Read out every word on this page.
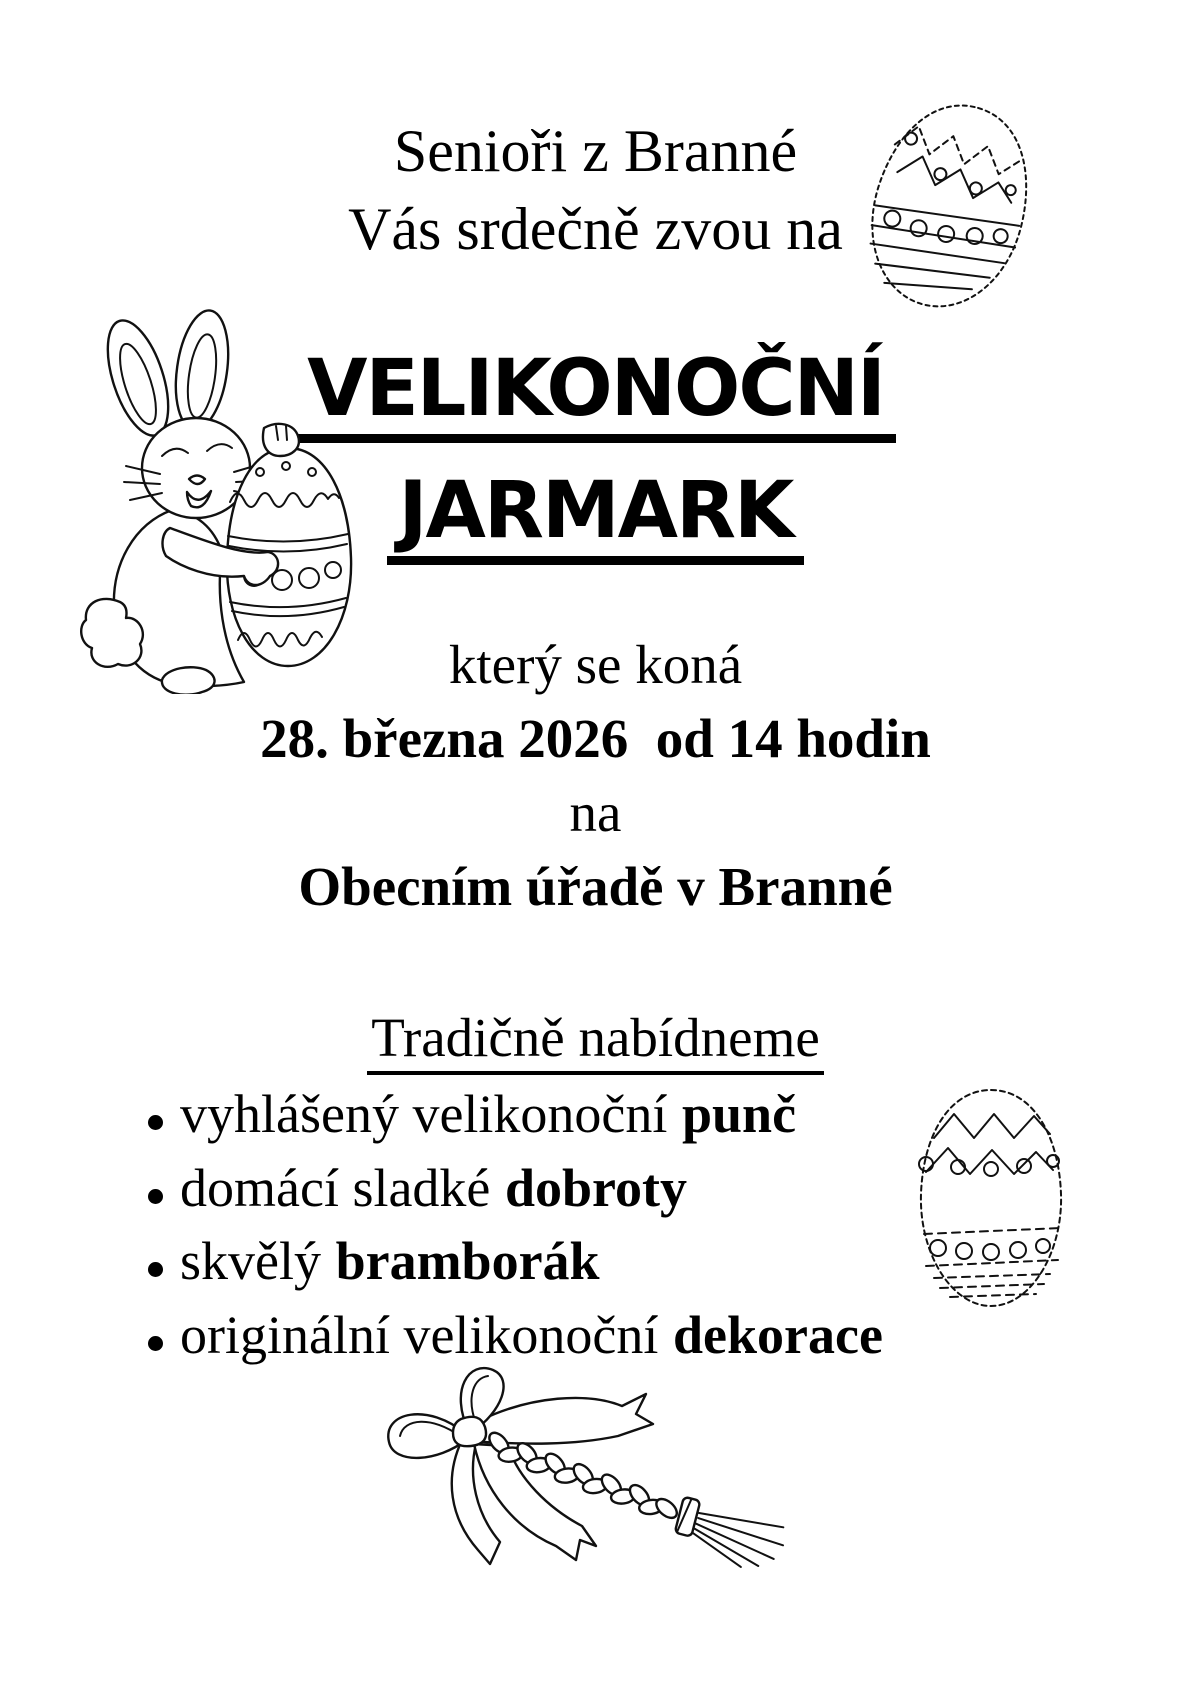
Senioři z Branné
Vás srdečně zvou na
VELIKONOČNÍ
JARMARK
který se koná
28. března 2026  od 14 hodin
na
Obecním úřadě v Branné
Tradičně nabídneme
vyhlášený velikonoční punč
domácí sladké dobroty
skvělý bramborák
originální velikonoční dekorace
